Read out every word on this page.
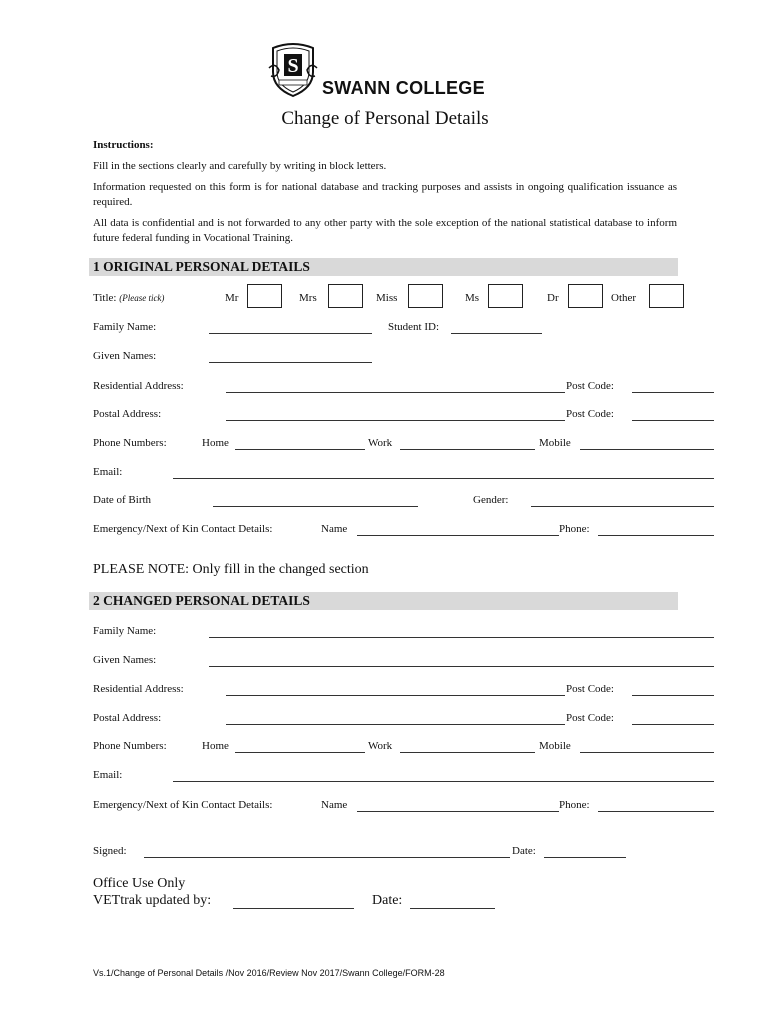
S
SWANN COLLEGE
Change of Personal Details
Instructions:
Fill in the sections clearly and carefully by writing in block letters.
Information requested on this form is for national database and tracking purposes and assists in ongoing qualification issuance as required.
All data is confidential and is not forwarded to any other party with the sole exception of the national statistical database to inform future federal funding in Vocational Training.
1 ORIGINAL PERSONAL DETAILS
Title: (Please tick)	Mr	Mrs	Miss	Ms	Dr	Other
Family Name:	Student ID:
Given Names:
Residential Address:	Post Code:
Postal Address:	Post Code:
Phone Numbers:	Home	Work	Mobile
Email:
Date of Birth	Gender:
Emergency/Next of Kin Contact Details:	Name	Phone:
PLEASE NOTE: Only fill in the changed section
2 CHANGED PERSONAL DETAILS
Family Name:
Given Names:
Residential Address:	Post Code:
Postal Address:	Post Code:
Phone Numbers:	Home	Work	Mobile
Email:
Emergency/Next of Kin Contact Details:	Name	Phone:
Signed:	Date:
Office Use Only
VETtrak updated by:	Date:
Vs.1/Change of Personal Details /Nov 2016/Review Nov 2017/Swann College/FORM-28
